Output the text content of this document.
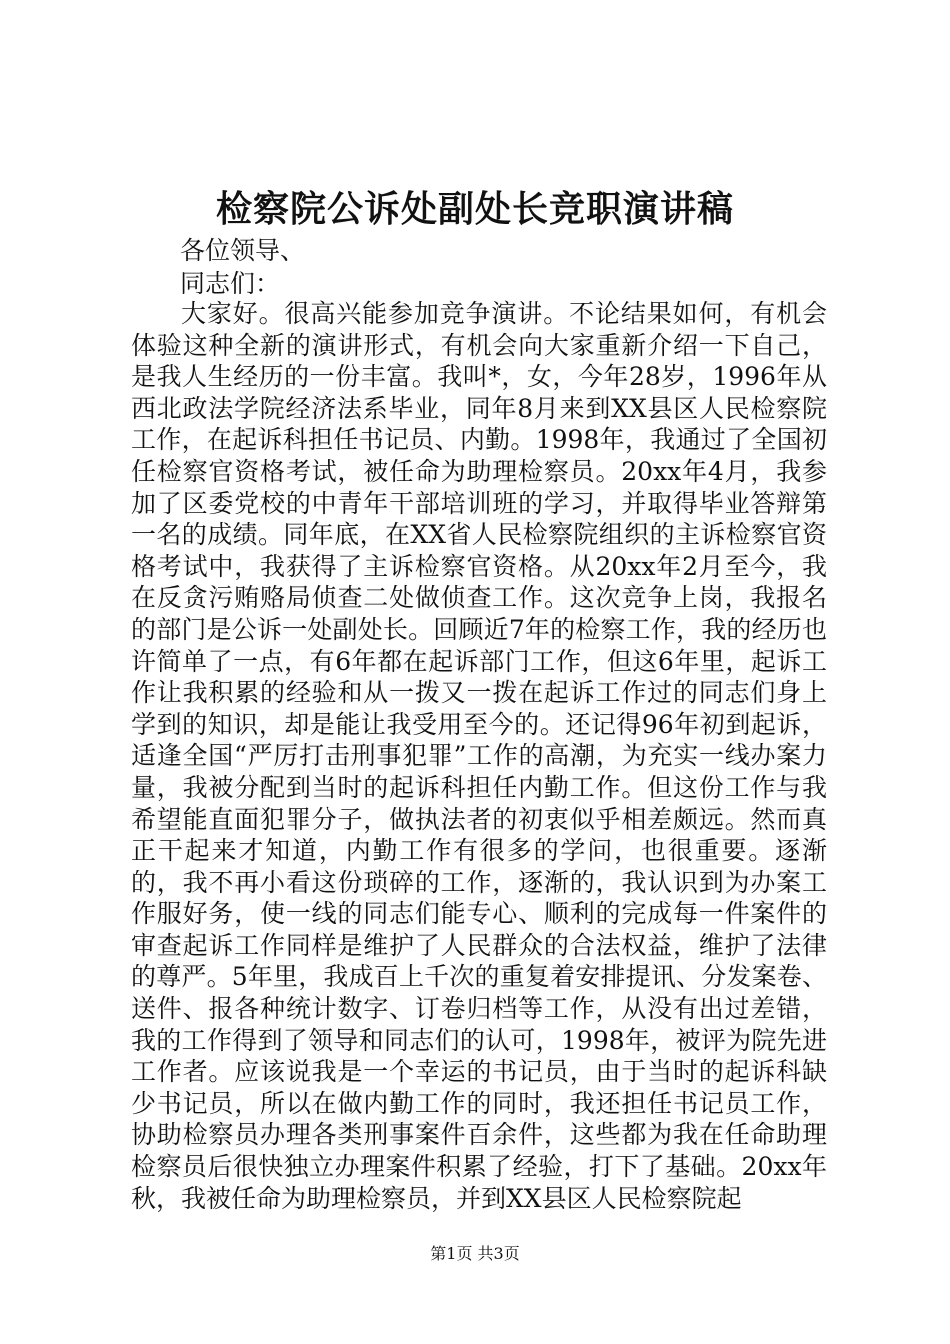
检察院公诉处副处长竞职演讲稿

各位领导、

同志们：

大家好。很高兴能参加竞争演讲。不论结果如何，有机会体验这种全新的演讲形式，有机会向大家重新介绍一下自己，是我人生经历的一份丰富。我叫*，女，今年28岁，1996年从西北政法学院经济法系毕业，同年8月来到XX县区人民检察院工作，在起诉科担任书记员、内勤。1998年，我通过了全国初任检察官资格考试，被任命为助理检察员。20xx年4月，我参加了区委党校的中青年干部培训班的学习，并取得毕业答辩第一名的成绩。同年底，在XX省人民检察院组织的主诉检察官资格考试中，我获得了主诉检察官资格。从20xx年2月至今，我在反贪污贿赂局侦查二处做侦查工作。这次竞争上岗，我报名的部门是公诉一处副处长。回顾近7年的检察工作，我的经历也许简单了一点，有6年都在起诉部门工作，但这6年里，起诉工作让我积累的经验和从一拨又一拨在起诉工作过的同志们身上学到的知识，却是能让我受用至今的。还记得96年初到起诉，适逢全国“严厉打击刑事犯罪”工作的高潮，为充实一线办案力量，我被分配到当时的起诉科担任内勤工作。但这份工作与我希望能直面犯罪分子，做执法者的初衷似乎相差颇远。然而真正干起来才知道，内勤工作有很多的学问，也很重要。逐渐的，我不再小看这份琐碎的工作，逐渐的，我认识到为办案工作服好务，使一线的同志们能专心、顺利的完成每一件案件的审查起诉工作同样是维护了人民群众的合法权益，维护了法律的尊严。5年里，我成百上千次的重复着安排提讯、分发案卷、送件、报各种统计数字、订卷归档等工作，从没有出过差错，我的工作得到了领导和同志们的认可，1998年，被评为院先进工作者。应该说我是一个幸运的书记员，由于当时的起诉科缺少书记员，所以在做内勤工作的同时，我还担任书记员工作，协助检察员办理各类刑事案件百余件，这些都为我在任命助理检察员后很快独立办理案件积累了经验，打下了基础。20xx年秋，我被任命为助理检察员，并到XX县区人民检察院起

第1页 共3页
